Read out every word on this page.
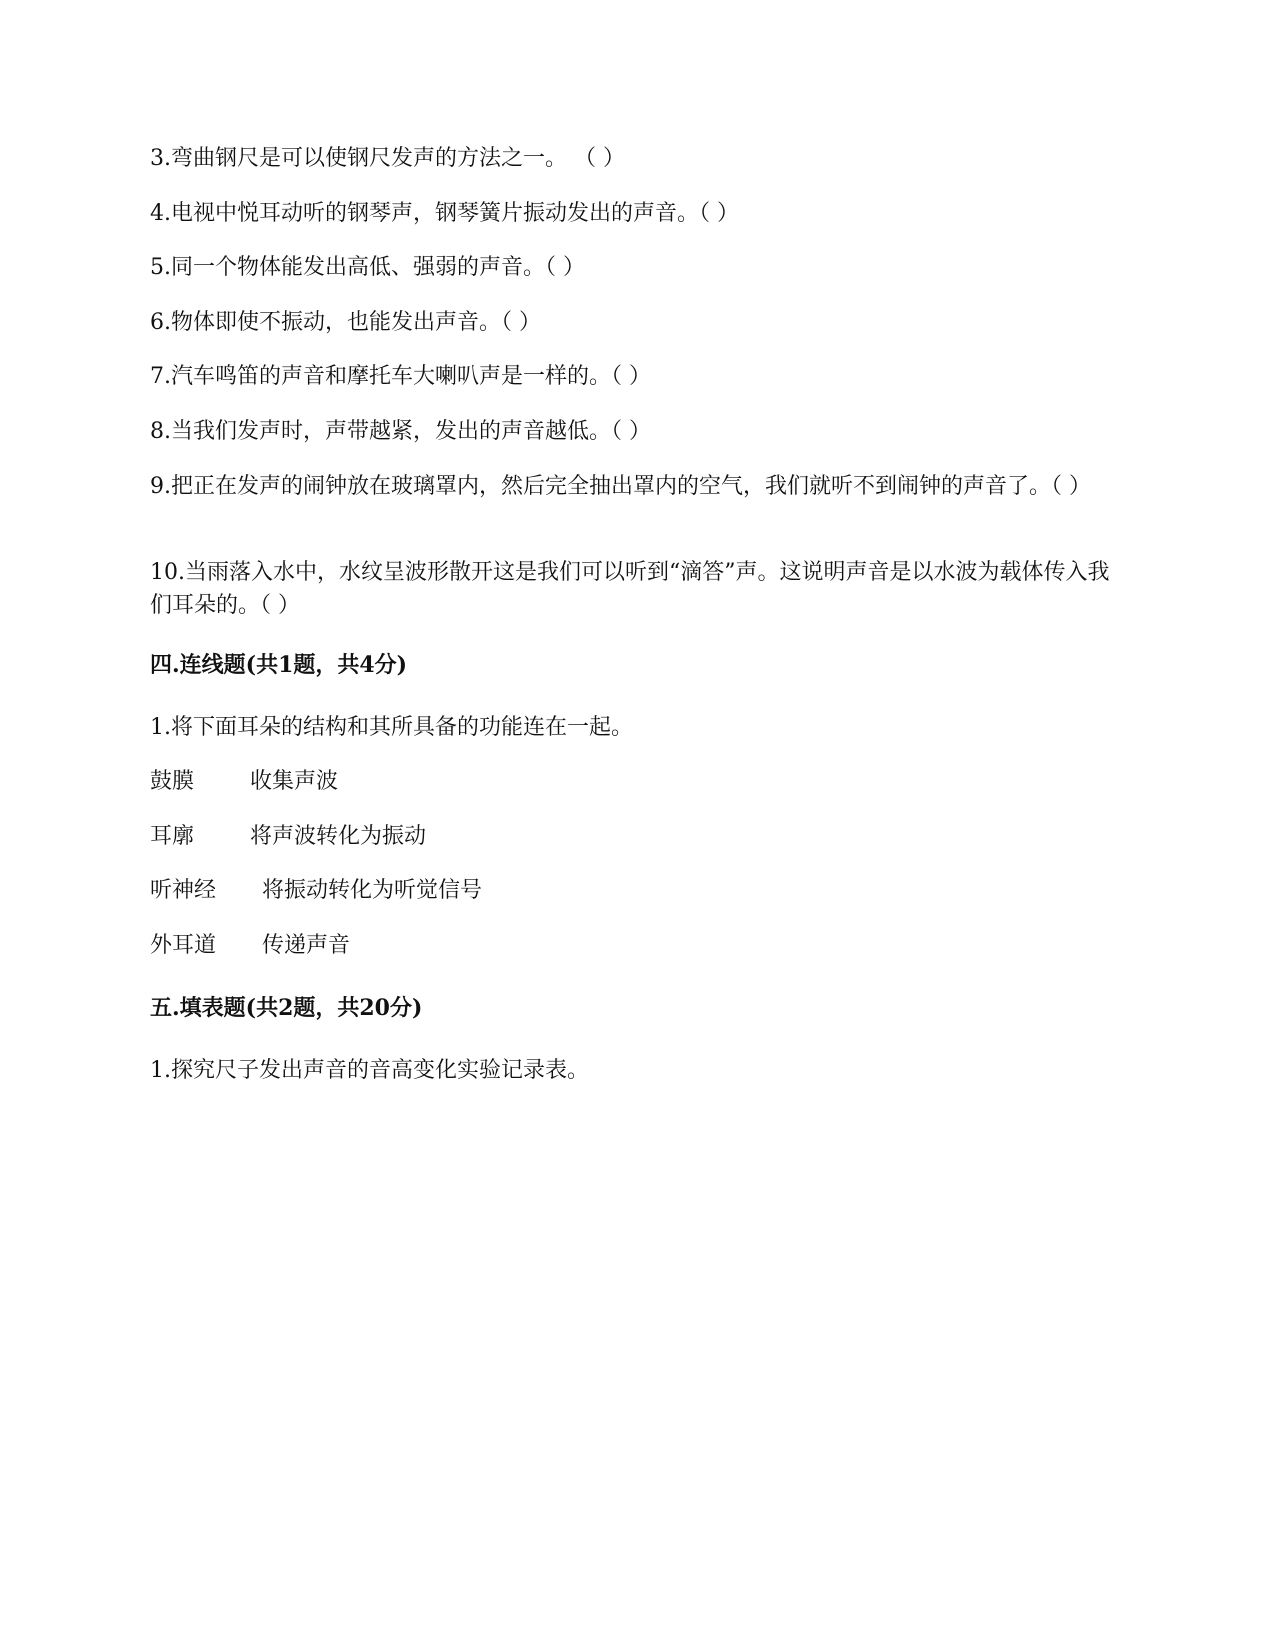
3.弯曲钢尺是可以使钢尺发声的方法之一。 （ ）
4.电视中悦耳动听的钢琴声，钢琴簧片振动发出的声音。（ ）
5.同一个物体能发出高低、强弱的声音。（ ）
6.物体即使不振动，也能发出声音。（ ）
7.汽车鸣笛的声音和摩托车大喇叭声是一样的。（ ）
8.当我们发声时，声带越紧，发出的声音越低。（ ）
9.把正在发声的闹钟放在玻璃罩内，然后完全抽出罩内的空气，我们就听不到闹钟的声音了。（ ）
10.当雨落入水中，水纹呈波形散开这是我们可以听到“滴答”声。这说明声音是以水波为载体传入我们耳朵的。（ ）
四.连线题(共1题，共4分)
1.将下面耳朵的结构和其所具备的功能连在一起。
鼓膜	收集声波
耳廓	将声波转化为振动
听神经 将振动转化为听觉信号
外耳道 传递声音
五.填表题(共2题，共20分)
1.探究尺子发出声音的音高变化实验记录表。
